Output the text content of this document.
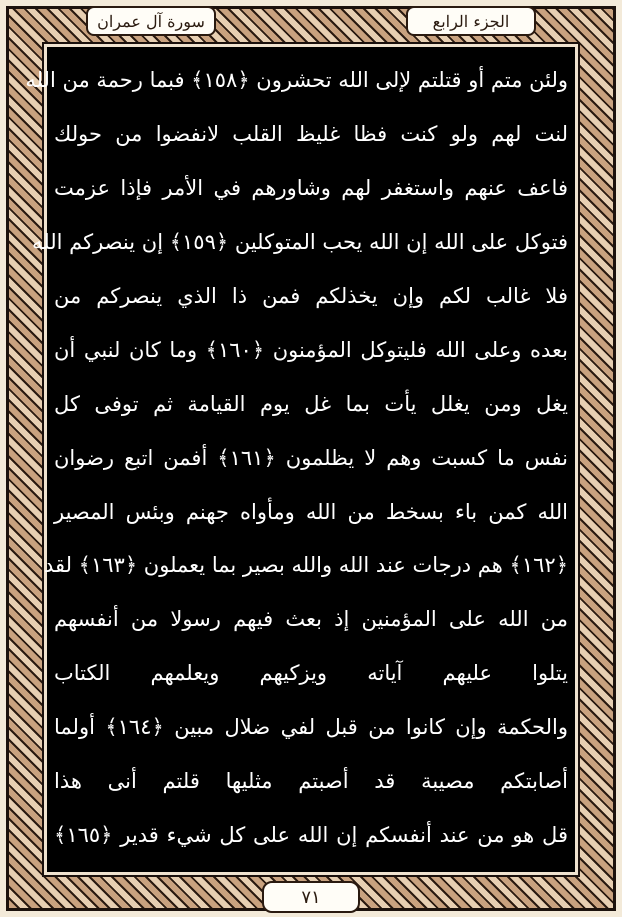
سورة آل عمران	الجزء الرابع
ولئن متم أو قتلتم لإلى الله تحشرون ﴿١٥٨﴾ فبما رحمة من الله
لنت لهم ولو كنت فظا غليظ القلب لانفضوا من حولك
فاعف عنهم واستغفر لهم وشاورهم في الأمر فإذا عزمت
فتوكل على الله إن الله يحب المتوكلين ﴿١٥٩﴾ إن ينصركم الله
فلا غالب لكم وإن يخذلكم فمن ذا الذي ينصركم من
بعده وعلى الله فليتوكل المؤمنون ﴿١٦٠﴾ وما كان لنبي أن
يغل ومن يغلل يأت بما غل يوم القيامة ثم توفى كل
نفس ما كسبت وهم لا يظلمون ﴿١٦١﴾ أفمن اتبع رضوان
الله كمن باء بسخط من الله ومأواه جهنم وبئس المصير
﴿١٦٢﴾ هم درجات عند الله والله بصير بما يعملون ﴿١٦٣﴾ لقد
من الله على المؤمنين إذ بعث فيهم رسولا من أنفسهم
يتلوا عليهم آياته ويزكيهم ويعلمهم الكتاب
والحكمة وإن كانوا من قبل لفي ضلال مبين ﴿١٦٤﴾ أولما
أصابتكم مصيبة قد أصبتم مثليها قلتم أنى هذا
قل هو من عند أنفسكم إن الله على كل شيء قدير ﴿١٦٥﴾
٧١
